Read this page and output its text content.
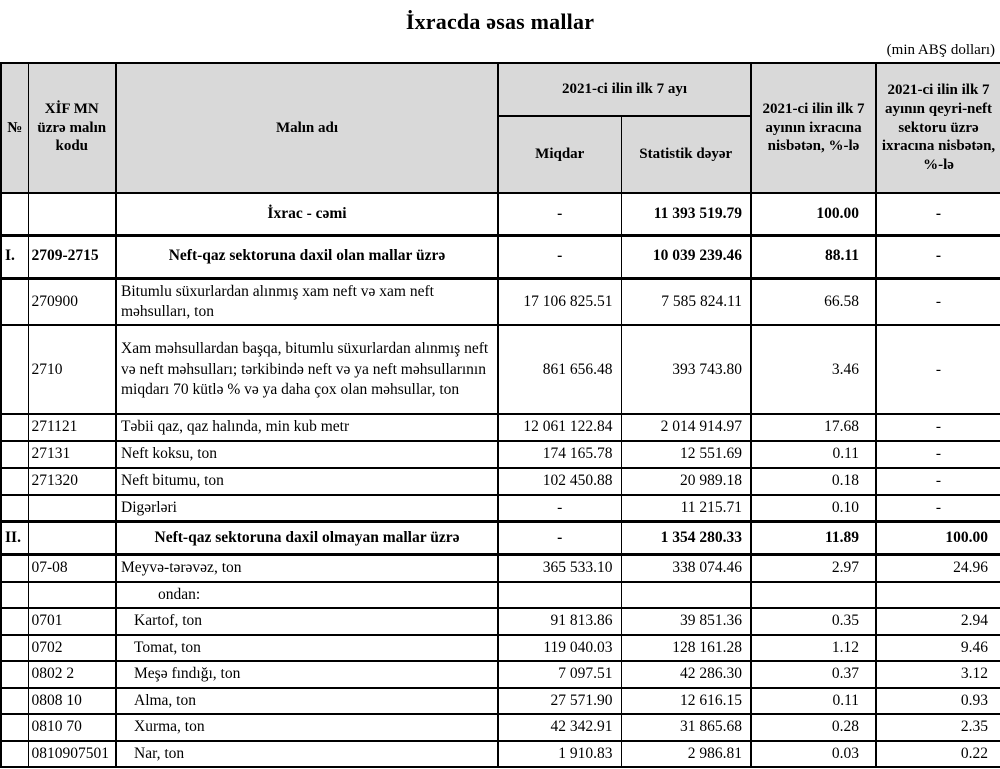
İxracda əsas mallar
(min ABŞ dolları)
№	XİF MN üzrə malın kodu	Malın adı	2021-ci ilin ilk 7 ayı		2021-ci ilin ilk 7 ayının ixracına nisbətən, %-lə	2021-ci ilin ilk 7 ayının qeyri-neft sektoru üzrə ixracına nisbətən, %-lə
			Miqdar	Statistik dəyər		
		İxrac - cəmi	-	11 393 519.79	100.00	-
I.	2709-2715	Neft-qaz sektoruna daxil olan mallar üzrə	-	10 039 239.46	88.11	-
	270900	Bitumlu süxurlardan alınmış xam neft və xam neft məhsulları, ton	17 106 825.51	7 585 824.11	66.58	-
	2710	Xam məhsullardan başqa, bitumlu süxurlardan alınmış neft və neft məhsulları; tərkibində neft və ya neft məhsullarının miqdarı 70 kütlə % və ya daha çox olan məhsullar, ton	861 656.48	393 743.80	3.46	-
	271121	Təbii qaz, qaz halında, min kub metr	12 061 122.84	2 014 914.97	17.68	-
	27131	Neft koksu, ton	174 165.78	12 551.69	0.11	-
	271320	Neft bitumu, ton	102 450.88	20 989.18	0.18	-
		Digərləri	-	11 215.71	0.10	-
II.		Neft-qaz sektoruna daxil olmayan mallar üzrə	-	1 354 280.33	11.89	100.00
	07-08	Meyvə-tərəvəz, ton	365 533.10	338 074.46	2.97	24.96
		ondan:				
	0701	Kartof, ton	91 813.86	39 851.36	0.35	2.94
	0702	Tomat, ton	119 040.03	128 161.28	1.12	9.46
	0802 2	Meşə fındığı, ton	7 097.51	42 286.30	0.37	3.12
	0808 10	Alma, ton	27 571.90	12 616.15	0.11	0.93
	0810 70	Xurma, ton	42 342.91	31 865.68	0.28	2.35
	0810907501	Nar, ton	1 910.83	2 986.81	0.03	0.22
